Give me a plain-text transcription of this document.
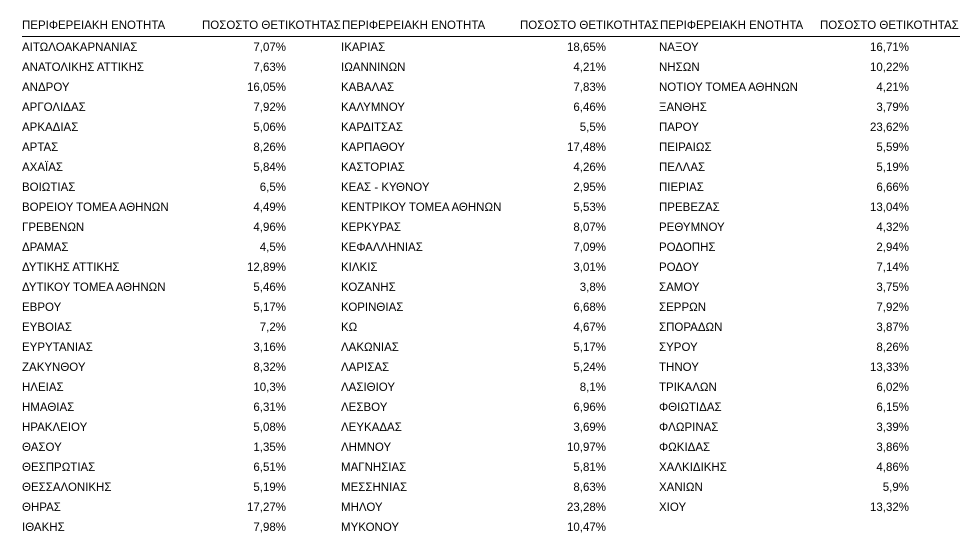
ΠΕΡΙΦΕΡΕΙΑΚΗ ΕΝΟΤΗΤΑ	ΠΟΣΟΣΤΟ ΘΕΤΙΚΟΤΗΤΑΣ ΠΕΡΙΦΕΡΕΙΑΚΗ ΕΝΟΤΗΤΑ	ΠΟΣΟΣΤΟ ΘΕΤΙΚΟΤΗΤΑΣ ΠΕΡΙΦΕΡΕΙΑΚΗ ΕΝΟΤΗΤΑ ΠΟΣΟΣΤΟ ΘΕΤΙΚΟΤΗΤΑΣ
ΑΙΤΩΛΟΑΚΑΡΝΑΝΙΑΣ	7,07%
ΑΝΑΤΟΛΙΚΗΣ ΑΤΤΙΚΗΣ	7,63%
ΑΝΔΡΟΥ	16,05%
ΑΡΓΟΛΙΔΑΣ	7,92%
ΑΡΚΑΔΙΑΣ	5,06%
ΑΡΤΑΣ	8,26%
ΑΧΑΪΑΣ	5,84%
ΒΟΙΩΤΙΑΣ	6,5%
ΒΟΡΕΙΟΥ ΤΟΜΕΑ ΑΘΗΝΩΝ	4,49%
ΓΡΕΒΕΝΩΝ	4,96%
ΔΡΑΜΑΣ	4,5%
ΔΥΤΙΚΗΣ ΑΤΤΙΚΗΣ	12,89%
ΔΥΤΙΚΟΥ ΤΟΜΕΑ ΑΘΗΝΩΝ	5,46%
ΕΒΡΟΥ	5,17%
ΕΥΒΟΙΑΣ	7,2%
ΕΥΡΥΤΑΝΙΑΣ	3,16%
ΖΑΚΥΝΘΟΥ	8,32%
ΗΛΕΙΑΣ	10,3%
ΗΜΑΘΙΑΣ	6,31%
ΗΡΑΚΛΕΙΟΥ	5,08%
ΘΑΣΟΥ	1,35%
ΘΕΣΠΡΩΤΙΑΣ	6,51%
ΘΕΣΣΑΛΟΝΙΚΗΣ	5,19%
ΘΗΡΑΣ	17,27%
ΙΘΑΚΗΣ	7,98%
ΙΚΑΡΙΑΣ	18,65%
ΙΩΑΝΝΙΝΩΝ	4,21%
ΚΑΒΑΛΑΣ	7,83%
ΚΑΛΥΜΝΟΥ	6,46%
ΚΑΡΔΙΤΣΑΣ	5,5%
ΚΑΡΠΑΘΟΥ	17,48%
ΚΑΣΤΟΡΙΑΣ	4,26%
ΚΕΑΣ - ΚΥΘΝΟΥ	2,95%
ΚΕΝΤΡΙΚΟΥ ΤΟΜΕΑ ΑΘΗΝΩΝ	5,53%
ΚΕΡΚΥΡΑΣ	8,07%
ΚΕΦΑΛΛΗΝΙΑΣ	7,09%
ΚΙΛΚΙΣ	3,01%
ΚΟΖΑΝΗΣ	3,8%
ΚΟΡΙΝΘΙΑΣ	6,68%
ΚΩ	4,67%
ΛΑΚΩΝΙΑΣ	5,17%
ΛΑΡΙΣΑΣ	5,24%
ΛΑΣΙΘΙΟΥ	8,1%
ΛΕΣΒΟΥ	6,96%
ΛΕΥΚΑΔΑΣ	3,69%
ΛΗΜΝΟΥ	10,97%
ΜΑΓΝΗΣΙΑΣ	5,81%
ΜΕΣΣΗΝΙΑΣ	8,63%
ΜΗΛΟΥ	23,28%
ΜΥΚΟΝΟΥ	10,47%
ΝΑΞΟΥ	16,71%
ΝΗΣΩΝ	10,22%
ΝΟΤΙΟΥ ΤΟΜΕΑ ΑΘΗΝΩΝ	4,21%
ΞΑΝΘΗΣ	3,79%
ΠΑΡΟΥ	23,62%
ΠΕΙΡΑΙΩΣ	5,59%
ΠΕΛΛΑΣ	5,19%
ΠΙΕΡΙΑΣ	6,66%
ΠΡΕΒΕΖΑΣ	13,04%
ΡΕΘΥΜΝΟΥ	4,32%
ΡΟΔΟΠΗΣ	2,94%
ΡΟΔΟΥ	7,14%
ΣΑΜΟΥ	3,75%
ΣΕΡΡΩΝ	7,92%
ΣΠΟΡΑΔΩΝ	3,87%
ΣΥΡΟΥ	8,26%
ΤΗΝΟΥ	13,33%
ΤΡΙΚΑΛΩΝ	6,02%
ΦΘΙΩΤΙΔΑΣ	6,15%
ΦΛΩΡΙΝΑΣ	3,39%
ΦΩΚΙΔΑΣ	3,86%
ΧΑΛΚΙΔΙΚΗΣ	4,86%
ΧΑΝΙΩΝ	5,9%
ΧΙΟΥ	13,32%
